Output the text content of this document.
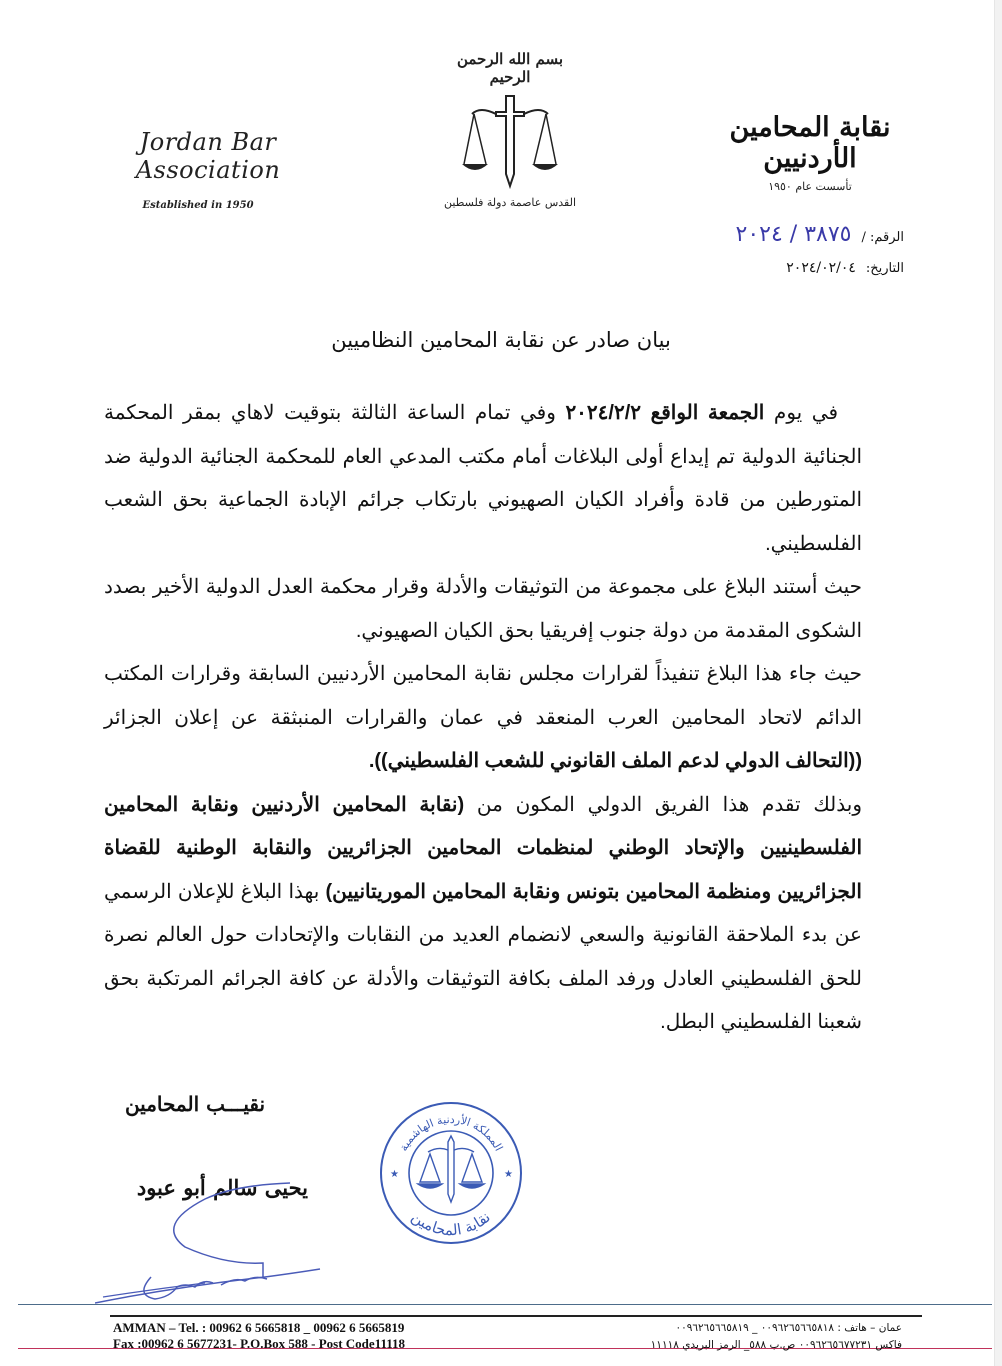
Jordan Bar Association
Established in 1950
بسم الله الرحمن الرحيم
القدس عاصمة دولة فلسطين
نقابة المحامين الأردنيين
تأسست عام ١٩٥٠
الرقم: /
٣٨٧٥ / ٢٠٢٤
التاريخ:
٢٠٢٤/٠٢/٠٤
بيان صادر عن نقابة المحامين النظاميين

في يوم الجمعة الواقع ٢٠٢٤/٢/٢ وفي تمام الساعة الثالثة بتوقيت لاهاي بمقر المحكمة الجنائية الدولية تم إيداع أولى البلاغات أمام مكتب المدعي العام للمحكمة الجنائية الدولية ضد المتورطين من قادة وأفراد الكيان الصهيوني بارتكاب جرائم الإبادة الجماعية بحق الشعب الفلسطيني.

حيث أستند البلاغ على مجموعة من التوثيقات والأدلة وقرار محكمة العدل الدولية الأخير بصدد الشكوى المقدمة من دولة جنوب إفريقيا بحق الكيان الصهيوني.

حيث جاء هذا البلاغ تنفيذاً لقرارات مجلس نقابة المحامين الأردنيين السابقة وقرارات المكتب الدائم لاتحاد المحامين العرب المنعقد في عمان والقرارات المنبثقة عن إعلان الجزائر ((التحالف الدولي لدعم الملف القانوني للشعب الفلسطيني)).

وبذلك تقدم هذا الفريق الدولي المكون من (نقابة المحامين الأردنيين ونقابة المحامين الفلسطينيين والإتحاد الوطني لمنظمات المحامين الجزائريين والنقابة الوطنية للقضاة الجزائريين ومنظمة المحامين بتونس ونقابة المحامين الموريتانيين) بهذا البلاغ للإعلان الرسمي عن بدء الملاحقة القانونية والسعي لانضمام العديد من النقابات والإتحادات حول العالم نصرة للحق الفلسطيني العادل ورفد الملف بكافة التوثيقات والأدلة عن كافة الجرائم المرتكبة بحق شعبنا الفلسطيني البطل.

نقيـــب المحامين
يحيى سالم أبو عبود
المملكة الأردنية الهاشمية
نقابة المحامين
★	★
AMMAN – Tel. : 00962 6 5665818 _ 00962 6 5665819
Fax :00962 6 5677231- P.O.Box 588 - Post Code11118
عمان – هاتف : ٠٠٩٦٢٦٥٦٦٥٨١٨ _ ٠٠٩٦٢٦٥٦٦٥٨١٩
فاكس ٠٠٩٦٢٦٥٦٧٧٢٣١ ص.ب ٥٨٨_ الرمز البريدي ١١١١٨
